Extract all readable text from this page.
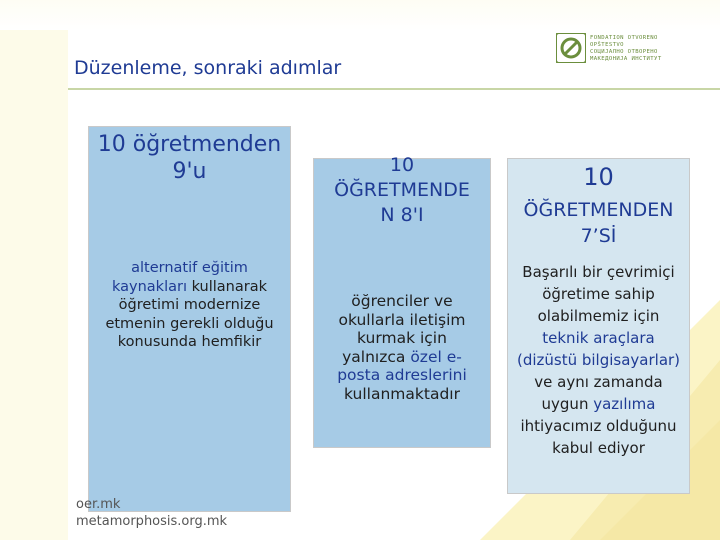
Düzenleme, sonraki adımlar
FONDATION OTVORENO
OPŠTESTVO
СОЦИЈАЛНО ОТВОРЕНО
МАКЕДОНИЈА ИНСТИТУТ
10 öğretmenden
9'u
alternatif eğitim
kaynakları kullanarak öğretimi modernize etmenin gerekli olduğu konusunda hemfikir
10
ÖĞRETMENDE
N 8'I
öğrenciler ve okullarla iletişim kurmak için yalnızca özel e-posta adreslerini kullanmaktadır
10
ÖĞRETMENDEN
7’Sİ
Başarılı bir çevrimiçi öğretime sahip olabilmemiz için teknik araçlara (dizüstü bilgisayarlar) ve aynı zamanda uygun yazılıma ihtiyacımız olduğunu kabul ediyor
oer.mk
metamorphosis.org.mk
